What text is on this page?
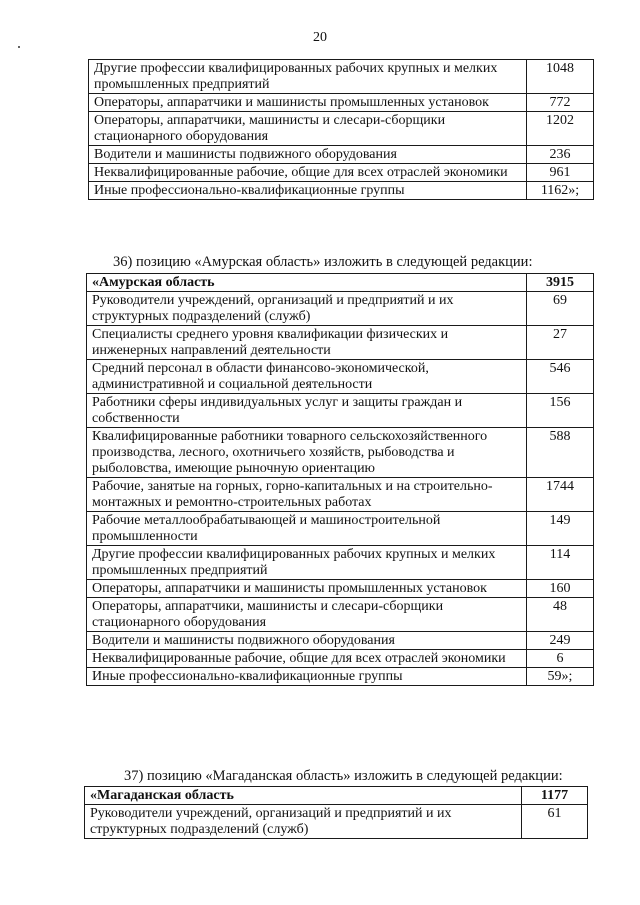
20
Другие профессии квалифицированных рабочих крупных и мелких промышленных предприятий	1048
Операторы, аппаратчики и машинисты промышленных установок	772
Операторы, аппаратчики, машинисты и слесари-сборщики стационарного оборудования	1202
Водители и машинисты подвижного оборудования	236
Неквалифицированные рабочие, общие для всех отраслей экономики	961
Иные профессионально-квалификационные группы	1162»;
36) позицию «Амурская область» изложить в следующей редакции:
«Амурская область	3915
Руководители учреждений, организаций и предприятий и их структурных подразделений (служб)	69
Специалисты среднего уровня квалификации физических и инженерных направлений деятельности	27
Средний персонал в области финансово-экономической, административной и социальной деятельности	546
Работники сферы индивидуальных услуг и защиты граждан и собственности	156
Квалифицированные работники товарного сельскохозяйственного производства, лесного, охотничьего хозяйств, рыбоводства и рыболовства, имеющие рыночную ориентацию	588
Рабочие, занятые на горных, горно-капитальных и на строительно-монтажных и ремонтно-строительных работах	1744
Рабочие металлообрабатывающей и машиностроительной промышленности	149
Другие профессии квалифицированных рабочих крупных и мелких промышленных предприятий	114
Операторы, аппаратчики и машинисты промышленных установок	160
Операторы, аппаратчики, машинисты и слесари-сборщики стационарного оборудования	48
Водители и машинисты подвижного оборудования	249
Неквалифицированные рабочие, общие для всех отраслей экономики	6
Иные профессионально-квалификационные группы	59»;
37) позицию «Магаданская область» изложить в следующей редакции:
«Магаданская область	1177
Руководители учреждений, организаций и предприятий и их структурных подразделений (служб)	61
